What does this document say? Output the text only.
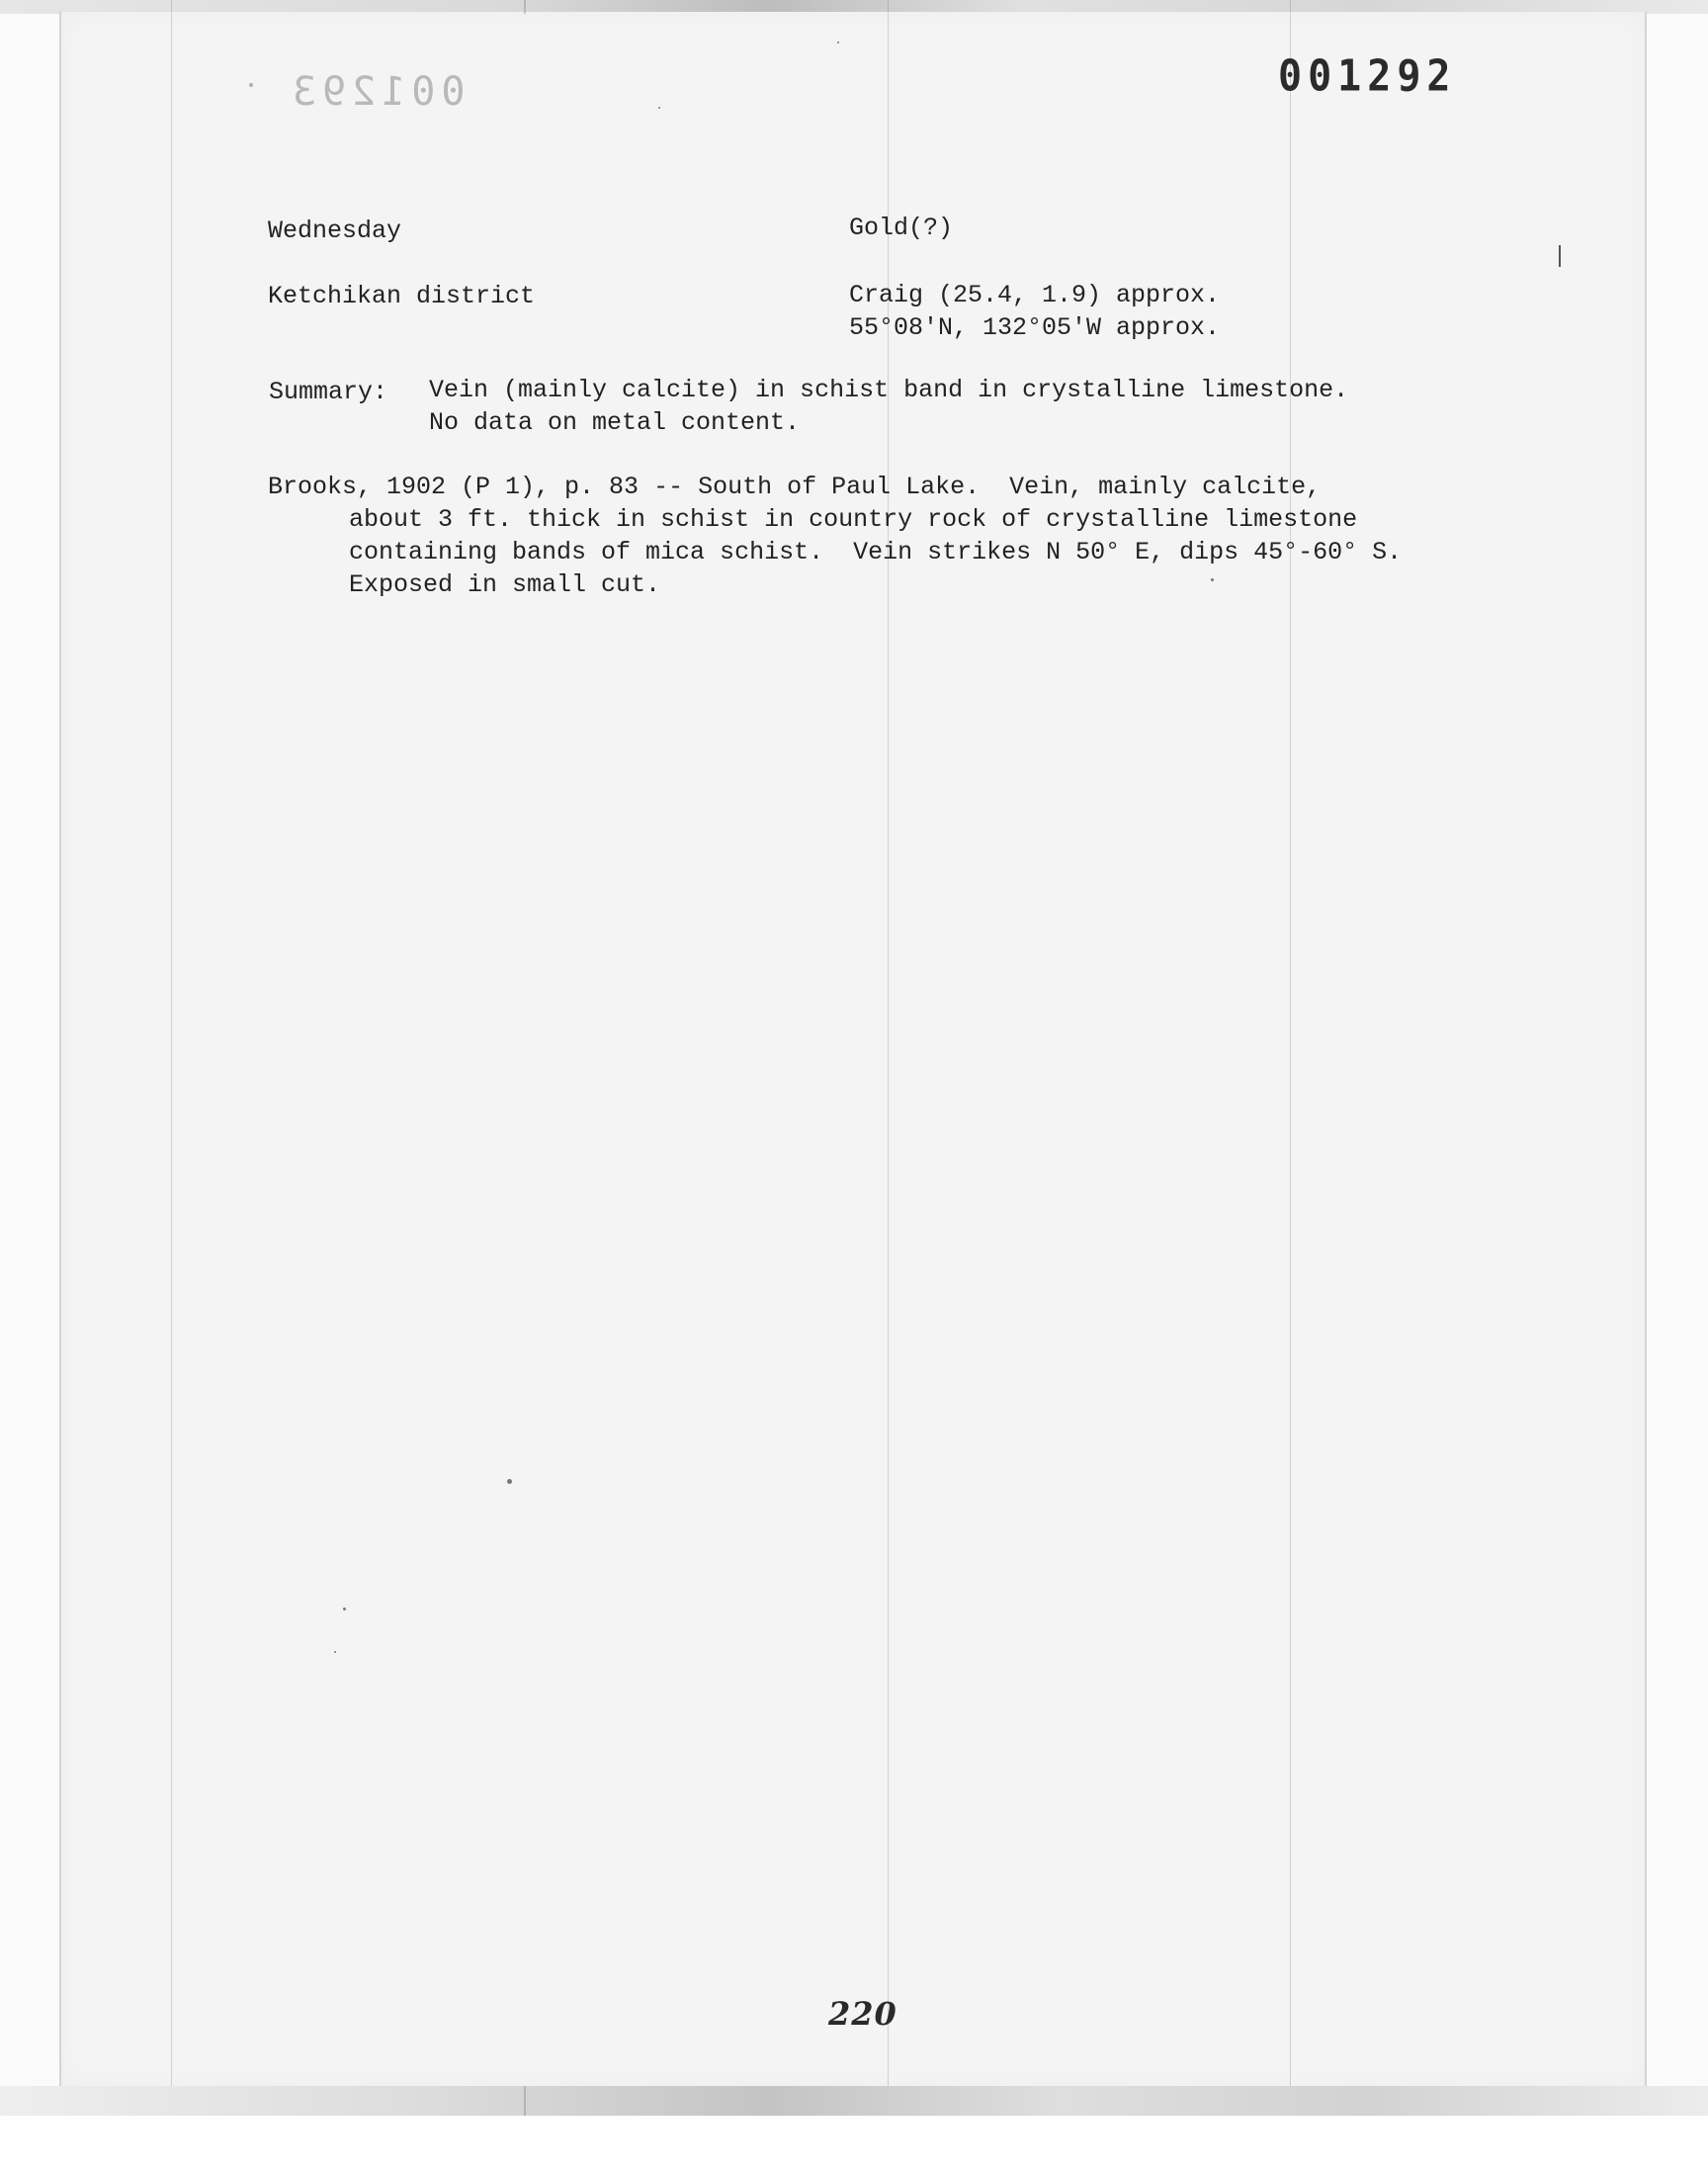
001293	001292
Wednesday	Gold(?)
Ketchikan district	Craig (25.4, 1.9) approx.
55°08'N, 132°05'W approx.
Summary: Vein (mainly calcite) in schist band in crystalline limestone.
No data on metal content.
Brooks, 1902 (P 1), p. 83 -- South of Paul Lake.  Vein, mainly calcite,
about 3 ft. thick in schist in country rock of crystalline limestone
containing bands of mica schist.  Vein strikes N 50° E, dips 45°-60° S.
Exposed in small cut.
220
